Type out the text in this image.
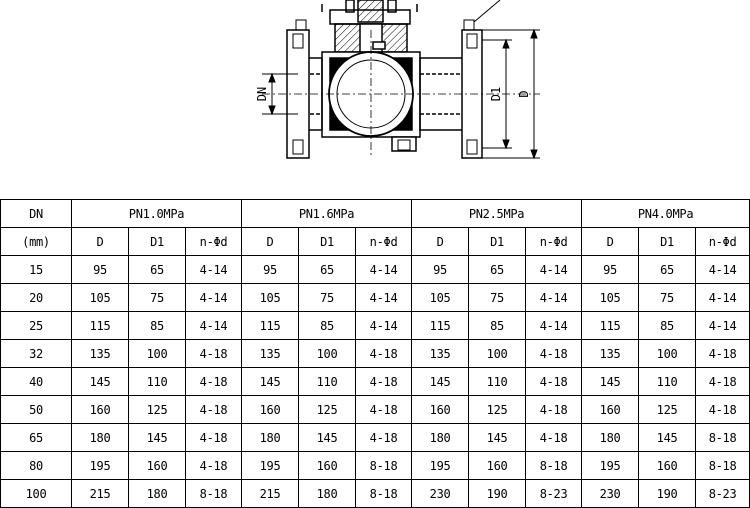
DN	D1 D
DN	PN1.0MPa			PN1.6MPa			PN2.5MPa			PN4.0MPa		
(mm)	D	D1	n-Φd	D	D1	n-Φd	D	D1	n-Φd	D	D1	n-Φd
15	95	65	4-14	95	65	4-14	95	65	4-14	95	65	4-14
20	105	75	4-14	105	75	4-14	105	75	4-14	105	75	4-14
25	115	85	4-14	115	85	4-14	115	85	4-14	115	85	4-14
32	135	100	4-18	135	100	4-18	135	100	4-18	135	100	4-18
40	145	110	4-18	145	110	4-18	145	110	4-18	145	110	4-18
50	160	125	4-18	160	125	4-18	160	125	4-18	160	125	4-18
65	180	145	4-18	180	145	4-18	180	145	4-18	180	145	8-18
80	195	160	4-18	195	160	8-18	195	160	8-18	195	160	8-18
100	215	180	8-18	215	180	8-18	230	190	8-23	230	190	8-23
